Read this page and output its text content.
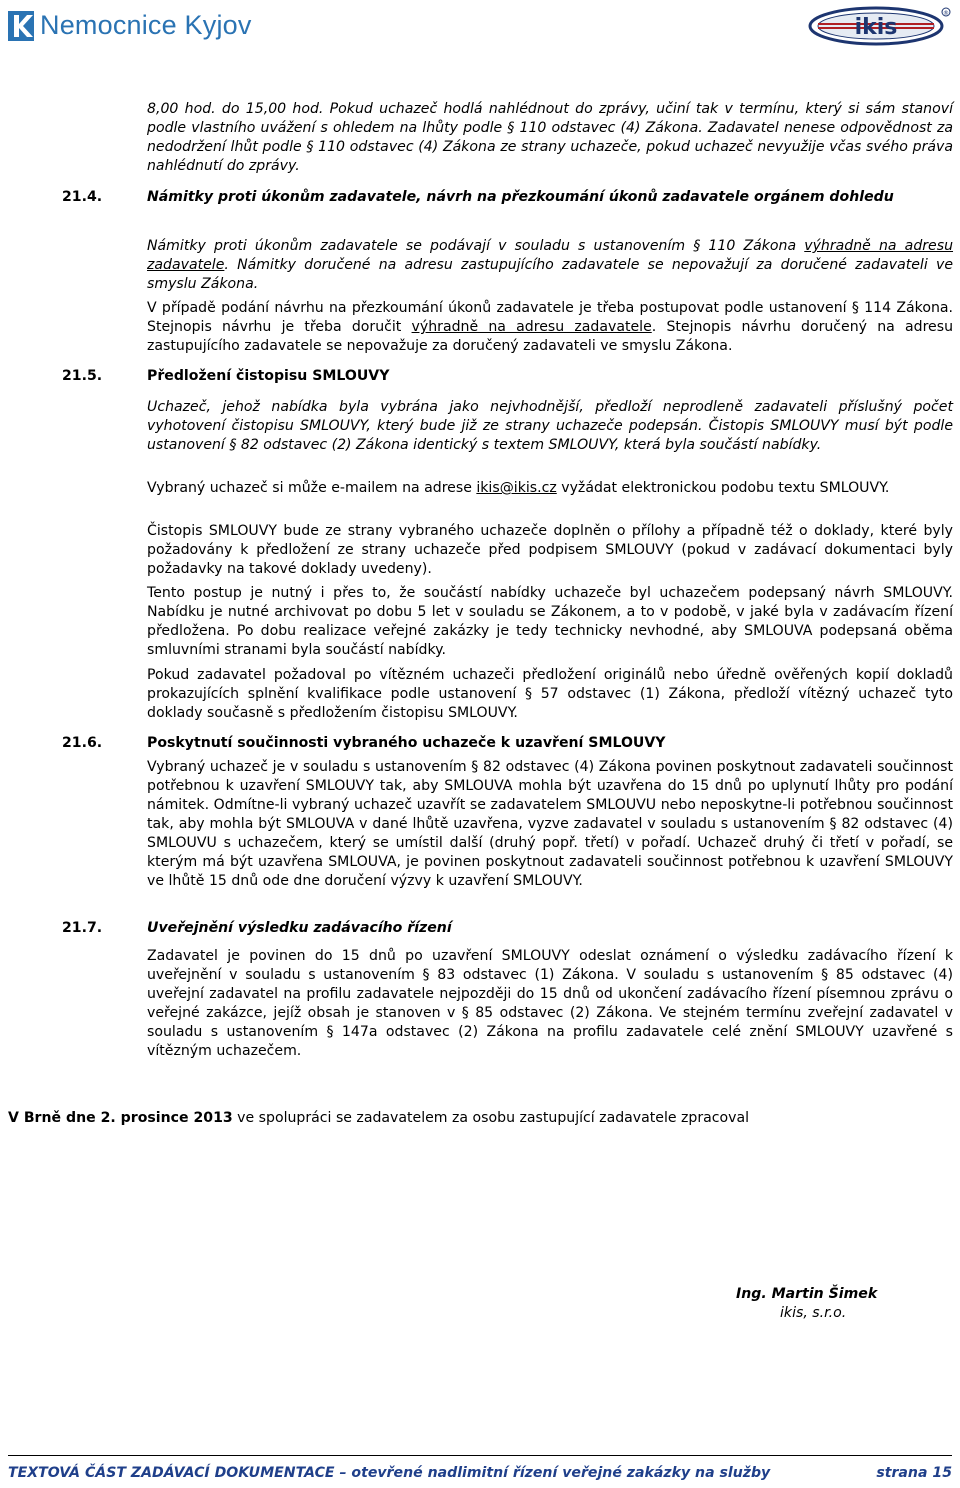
Nemocnice Kyjov	ikis
®

8,00 hod. do 15,00 hod. Pokud uchazeč hodlá nahlédnout do zprávy, učiní tak v termínu, který si sám stanoví podle vlastního uvážení s ohledem na lhůty podle § 110 odstavec (4) Zákona. Zadavatel nenese odpovědnost za nedodržení lhůt podle § 110 odstavec (4) Zákona ze strany uchazeče, pokud uchazeč nevyužije včas svého práva nahlédnutí do zprávy.

21.4.	Námitky proti úkonům zadavatele, návrh na přezkoumání úkonů zadavatele orgánem dohledu

Námitky proti úkonům zadavatele se podávají v souladu s ustanovením § 110 Zákona výhradně na adresu zadavatele. Námitky doručené na adresu zastupujícího zadavatele se nepovažují za doručené zadavateli ve smyslu Zákona.

V případě podání návrhu na přezkoumání úkonů zadavatele je třeba postupovat podle ustanovení § 114 Zákona. Stejnopis návrhu je třeba doručit výhradně na adresu zadavatele. Stejnopis návrhu doručený na adresu zastupujícího zadavatele se nepovažuje za doručený zadavateli ve smyslu Zákona.

21.5.	Předložení čistopisu SMLOUVY

Uchazeč, jehož nabídka byla vybrána jako nejvhodnější, předloží neprodleně zadavateli příslušný počet vyhotovení čistopisu SMLOUVY, který bude již ze strany uchazeče podepsán. Čistopis SMLOUVY musí být podle ustanovení § 82 odstavec (2) Zákona identický s textem SMLOUVY, která byla součástí nabídky.

Vybraný uchazeč si může e-mailem na adrese ikis@ikis.cz vyžádat elektronickou podobu textu SMLOUVY.

Čistopis SMLOUVY bude ze strany vybraného uchazeče doplněn o přílohy a případně též o doklady, které byly požadovány k předložení ze strany uchazeče před podpisem SMLOUVY (pokud v zadávací dokumentaci byly požadavky na takové doklady uvedeny).

Tento postup je nutný i přes to, že součástí nabídky uchazeče byl uchazečem podepsaný návrh SMLOUVY. Nabídku je nutné archivovat po dobu 5 let v souladu se Zákonem, a to v podobě, v jaké byla v zadávacím řízení předložena. Po dobu realizace veřejné zakázky je tedy technicky nevhodné, aby SMLOUVA podepsaná oběma smluvními stranami byla součástí nabídky.

Pokud zadavatel požadoval po vítězném uchazeči předložení originálů nebo úředně ověřených kopií dokladů prokazujících splnění kvalifikace podle ustanovení § 57 odstavec (1) Zákona, předloží vítězný uchazeč tyto doklady současně s předložením čistopisu SMLOUVY.

21.6.	Poskytnutí součinnosti vybraného uchazeče k uzavření SMLOUVY

Vybraný uchazeč je v souladu s ustanovením § 82 odstavec (4) Zákona povinen poskytnout zadavateli součinnost potřebnou k uzavření SMLOUVY tak, aby SMLOUVA mohla být uzavřena do 15 dnů po uplynutí lhůty pro podání námitek. Odmítne-li vybraný uchazeč uzavřít se zadavatelem SMLOUVU nebo neposkytne-li potřebnou součinnost tak, aby mohla být SMLOUVA v dané lhůtě uzavřena, vyzve zadavatel v souladu s ustanovením § 82 odstavec (4) SMLOUVU s uchazečem, který se umístil další (druhý popř. třetí) v pořadí. Uchazeč druhý či třetí v pořadí, se kterým má být uzavřena SMLOUVA, je povinen poskytnout zadavateli součinnost potřebnou k uzavření SMLOUVY ve lhůtě 15 dnů ode dne doručení výzvy k uzavření SMLOUVY.

21.7.	Uveřejnění výsledku zadávacího řízení

Zadavatel je povinen do 15 dnů po uzavření SMLOUVY odeslat oznámení o výsledku zadávacího řízení k uveřejnění v souladu s ustanovením § 83 odstavec (1) Zákona. V souladu s ustanovením § 85 odstavec (4) uveřejní zadavatel na profilu zadavatele nejpozději do 15 dnů od ukončení zadávacího řízení písemnou zprávu o veřejné zakázce, jejíž obsah je stanoven v § 85 odstavec (2) Zákona. Ve stejném termínu zveřejní zadavatel v souladu s ustanovením § 147a odstavec (2) Zákona na profilu zadavatele celé znění SMLOUVY uzavřené s vítězným uchazečem.

V Brně dne 2. prosince 2013 ve spolupráci se zadavatelem za osobu zastupující zadavatele zpracoval

Ing. Martin Šimek
ikis, s.r.o.
TEXTOVÁ ČÁST ZADÁVACÍ DOKUMENTACE – otevřené nadlimitní řízení veřejné zakázky na služby	strana 15
